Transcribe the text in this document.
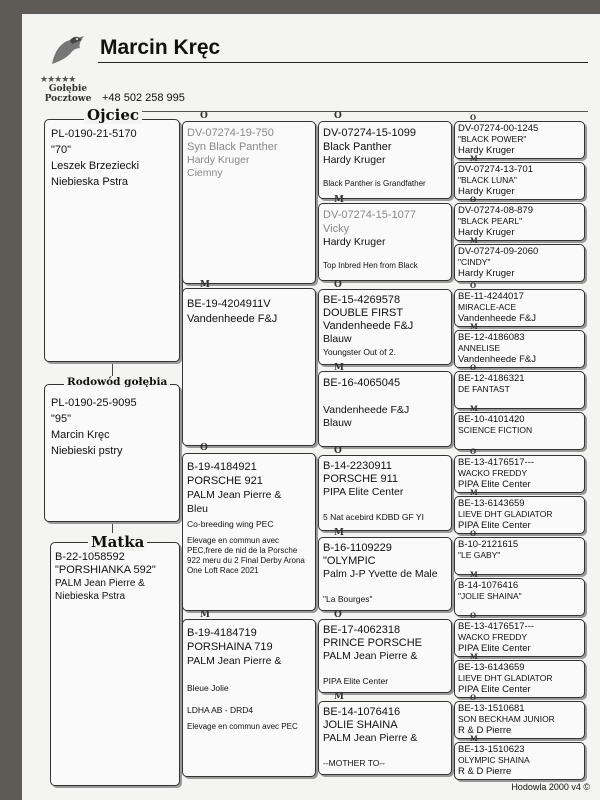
★★★★★
Gołębie
Pocztowe
Marcin Kręc
+48 502 258 995
PL-0190-21-5170
"70"
Leszek Brzeziecki
Niebieska Pstra
Ojciec
PL-0190-25-9095
"95"
Marcin Kręc
Niebieski pstry
Rodowód gołębia
B-22-1058592
"PORSHIANKA 592"
PALM Jean Pierre &
Niebieska Pstra
Matka
DV-07274-19-750
Syn Black Panther
Hardy Kruger
Ciemny
O
BE-19-4204911V
Vandenheede F&J
M
B-19-4184921
PORSCHE 921
PALM Jean Pierre &
Bleu
Co-breeding wing PEC
Elevage en commun avec PEC,frere de nid de la Porsche 922 meru du 2 Final Derby Arona One Loft Race 2021
O
B-19-4184719
PORSHAINA 719
PALM Jean Pierre &
Bleue Jolie
LDHA AB - DRD4
Elevage en commun avec PEC
M
DV-07274-15-1099
Black Panther
Hardy Kruger
Black Panther is Grandfather
O
DV-07274-15-1077
Vicky
Hardy Kruger
Top Inbred Hen from Black
M
BE-15-4269578
DOUBLE FIRST
Vandenheede F&J
Blauw
Youngster Out of 2.
O
BE-16-4065045
Vandenheede F&J
Blauw
M
B-14-2230911
PORSCHE 911
PIPA Elite Center
5 Nat acebird KDBD GF YI
O
B-16-1109229
"OLYMPIC
Palm J-P Yvette de Male
"La Bourges"
M
BE-17-4062318
PRINCE PORSCHE
PALM Jean Pierre &
PIPA Elite Center
O
BE-14-1076416
JOLIE SHAINA
PALM Jean Pierre &
--MOTHER TO--
M
DV-07274-00-1245
"BLACK POWER"
Hardy Kruger
O
DV-07274-13-701
"BLACK LUNA"
Hardy Kruger
M
DV-07274-08-879
"BLACK PEARL"
Hardy Kruger
O
DV-07274-09-2060
"CINDY"
Hardy Kruger
M
BE-11-4244017
MIRACLE-ACE
Vandenheede F&J
O
BE-12-4186083
ANNELISE
Vandenheede F&J
M
BE-12-4186321
DE FANTAST
O
BE-10-4101420
SCIENCE FICTION
M
BE-13-4176517---
WACKO FREDDY
PIPA Elite Center
O
BE-13-6143659
LIEVE DHT GLADIATOR
PIPA Elite Center
M
B-10-2121615
"LE GABY"
O
B-14-1076416
"JOLIE SHAINA"
M
BE-13-4176517---
WACKO FREDDY
PIPA Elite Center
O
BE-13-6143659
LIEVE DHT GLADIATOR
PIPA Elite Center
M
BE-13-1510681
SON BECKHAM JUNIOR
R & D Pierre
O
BE-13-1510623
OLYMPIC SHAINA
R & D Pierre
M
Hodowla 2000 v4 ©
